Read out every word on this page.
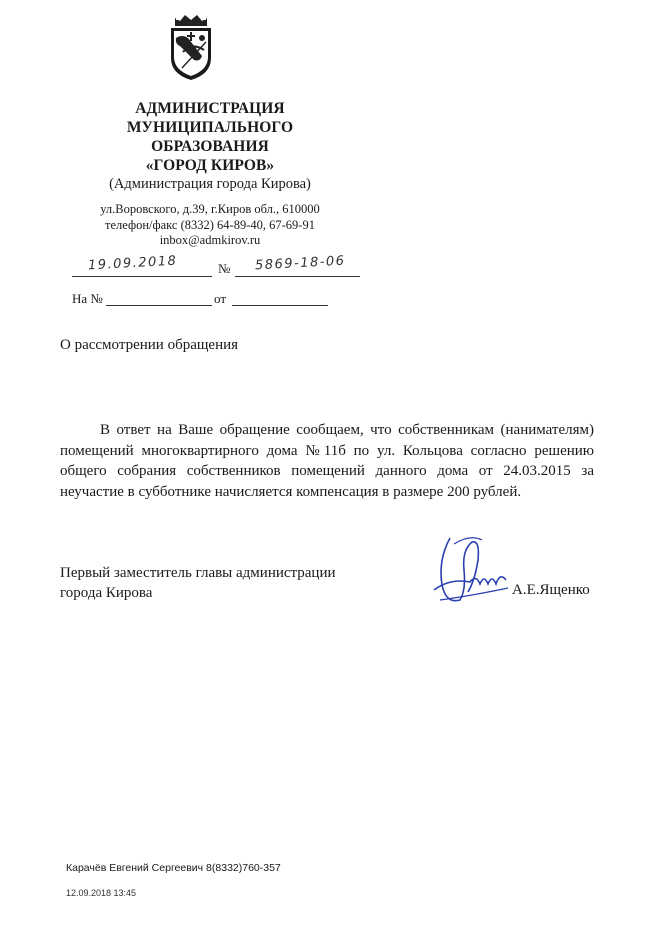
АДМИНИСТРАЦИЯ
МУНИЦИПАЛЬНОГО
ОБРАЗОВАНИЯ
«ГОРОД КИРОВ»
(Администрация города Кирова)
ул.Воровского, д.39, г.Киров обл., 610000
телефон/факс (8332) 64-89-40, 67-69-91
inbox@admkirov.ru
19.09.2018	№ 5869-18-06
На №	от
О рассмотрении обращения

В ответ на Ваше обращение сообщаем, что собственникам (нанимателям) помещений многоквартирного дома №11б по ул. Кольцова согласно решению общего собрания собственников помещений данного дома от 24.03.2015 за неучастие в субботнике начисляется компенсация в размере 200 рублей.

Первый заместитель главы администрации
города Кирова	А.Е.Ященко
Карачёв Евгений Сергеевич 8(8332)760-357
12.09.2018 13:45
